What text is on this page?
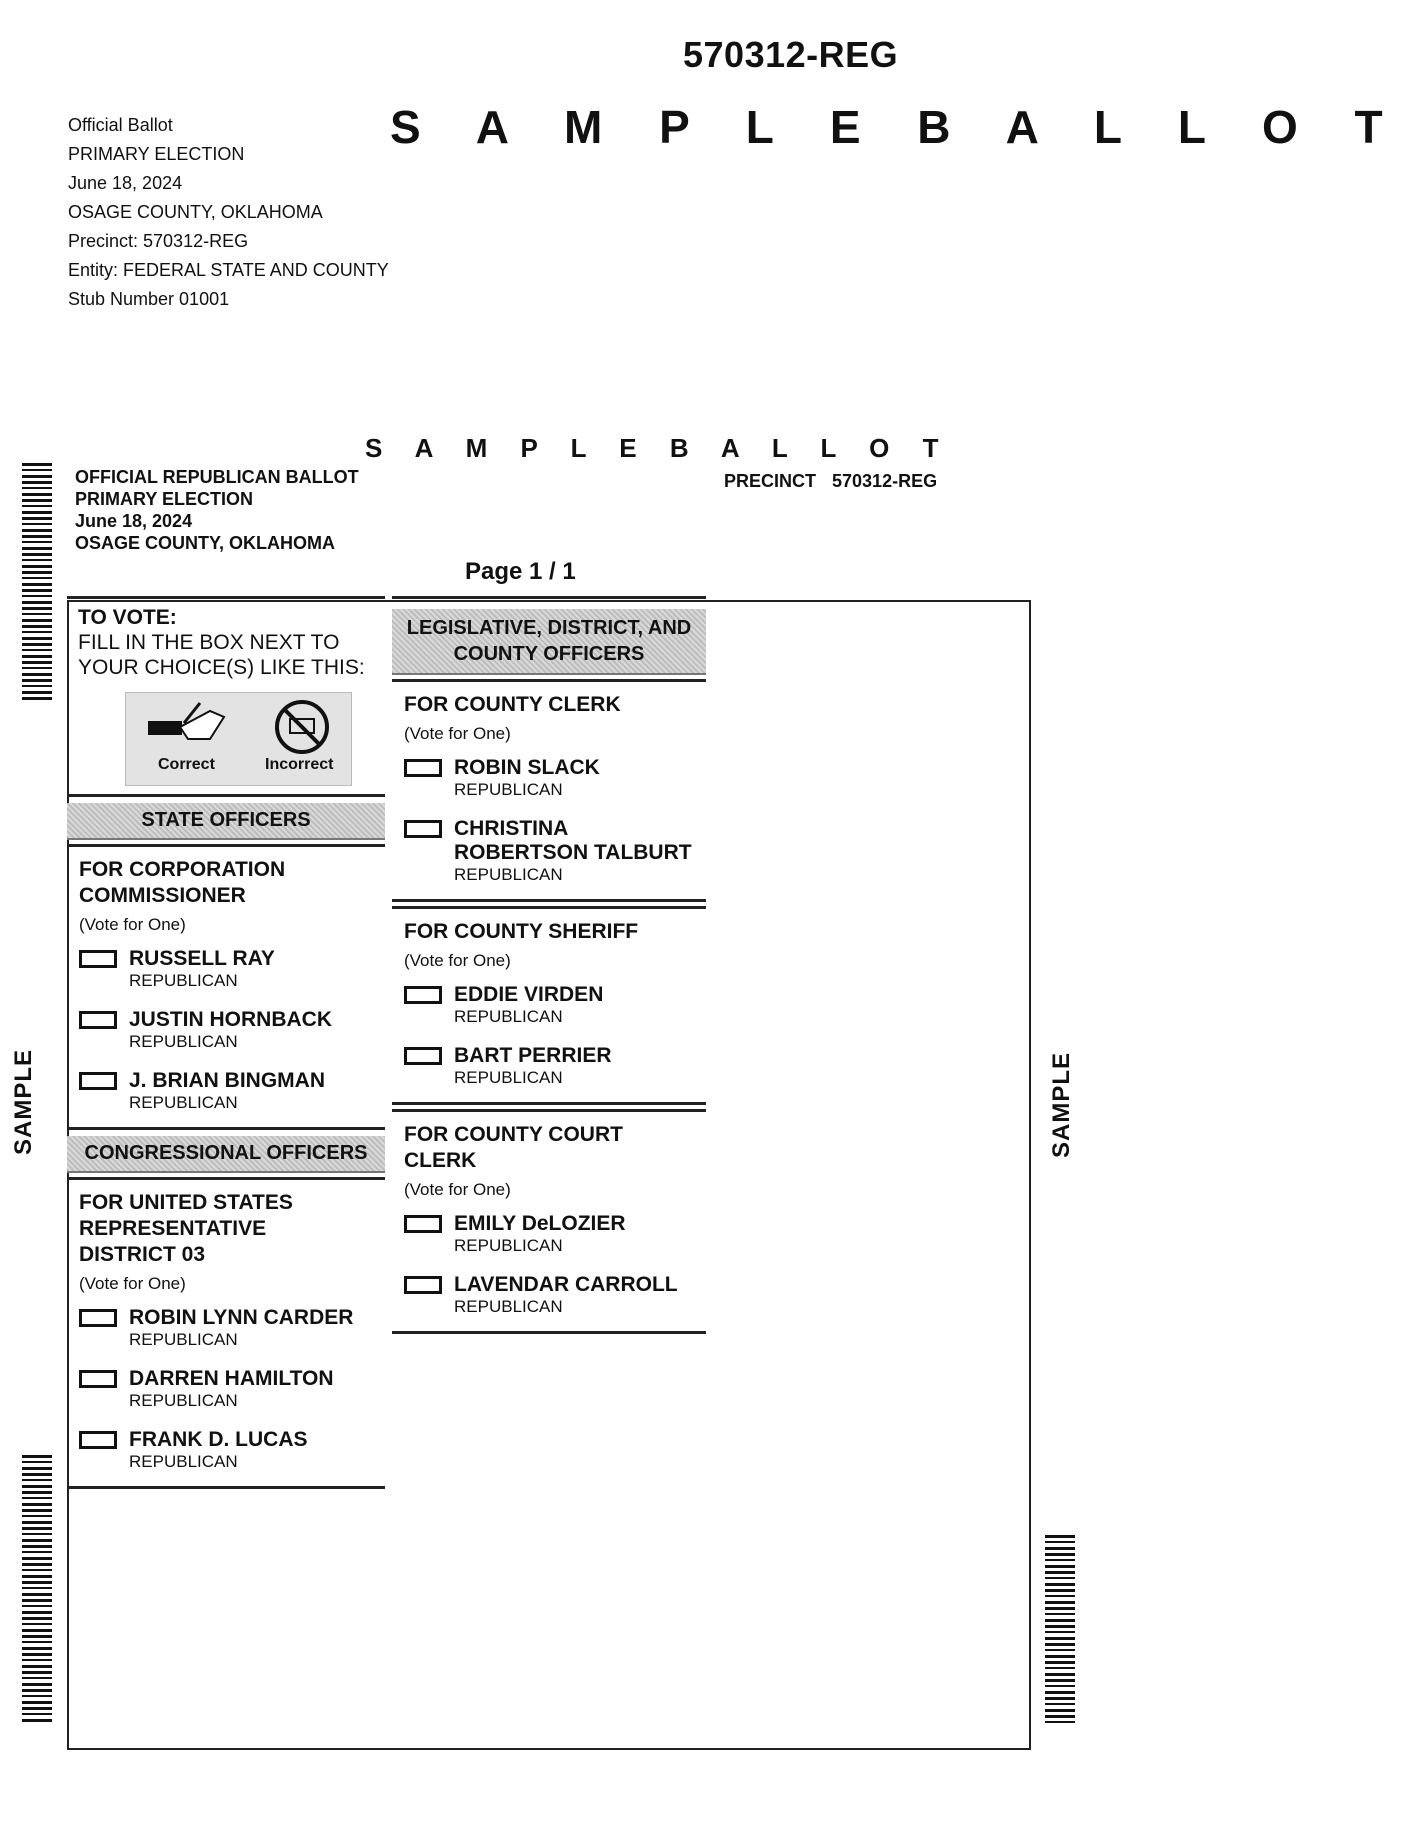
570312-REG
S A M P L E B A L L O T
Official Ballot
PRIMARY ELECTION
June 18, 2024
OSAGE COUNTY, OKLAHOMA
Precinct: 570312-REG
Entity: FEDERAL STATE AND COUNTY
Stub Number 01001
S A M P L E B A L L O T
OFFICIAL REPUBLICAN BALLOT
PRIMARY ELECTION
June 18, 2024
OSAGE COUNTY, OKLAHOMA
PRECINCT 570312-REG
Page 1 / 1
TO VOTE:
FILL IN THE BOX NEXT TO
YOUR CHOICE(S) LIKE THIS:
Correct	Incorrect
STATE OFFICERS
FOR CORPORATION
COMMISSIONER
(Vote for One)
RUSSELL RAY
REPUBLICAN
JUSTIN HORNBACK
REPUBLICAN
J. BRIAN BINGMAN
REPUBLICAN
CONGRESSIONAL OFFICERS
FOR UNITED STATES
REPRESENTATIVE
DISTRICT 03
(Vote for One)
ROBIN LYNN CARDER
REPUBLICAN
DARREN HAMILTON
REPUBLICAN
FRANK D. LUCAS
REPUBLICAN
LEGISLATIVE, DISTRICT, AND
COUNTY OFFICERS
FOR COUNTY CLERK
(Vote for One)
ROBIN SLACK
REPUBLICAN
CHRISTINA
ROBERTSON TALBURT
REPUBLICAN
FOR COUNTY SHERIFF
(Vote for One)
EDDIE VIRDEN
REPUBLICAN
BART PERRIER
REPUBLICAN
FOR COUNTY COURT
CLERK
(Vote for One)
EMILY DeLOZIER
REPUBLICAN
LAVENDAR CARROLL
REPUBLICAN
SAMPLE	SAMPLE
